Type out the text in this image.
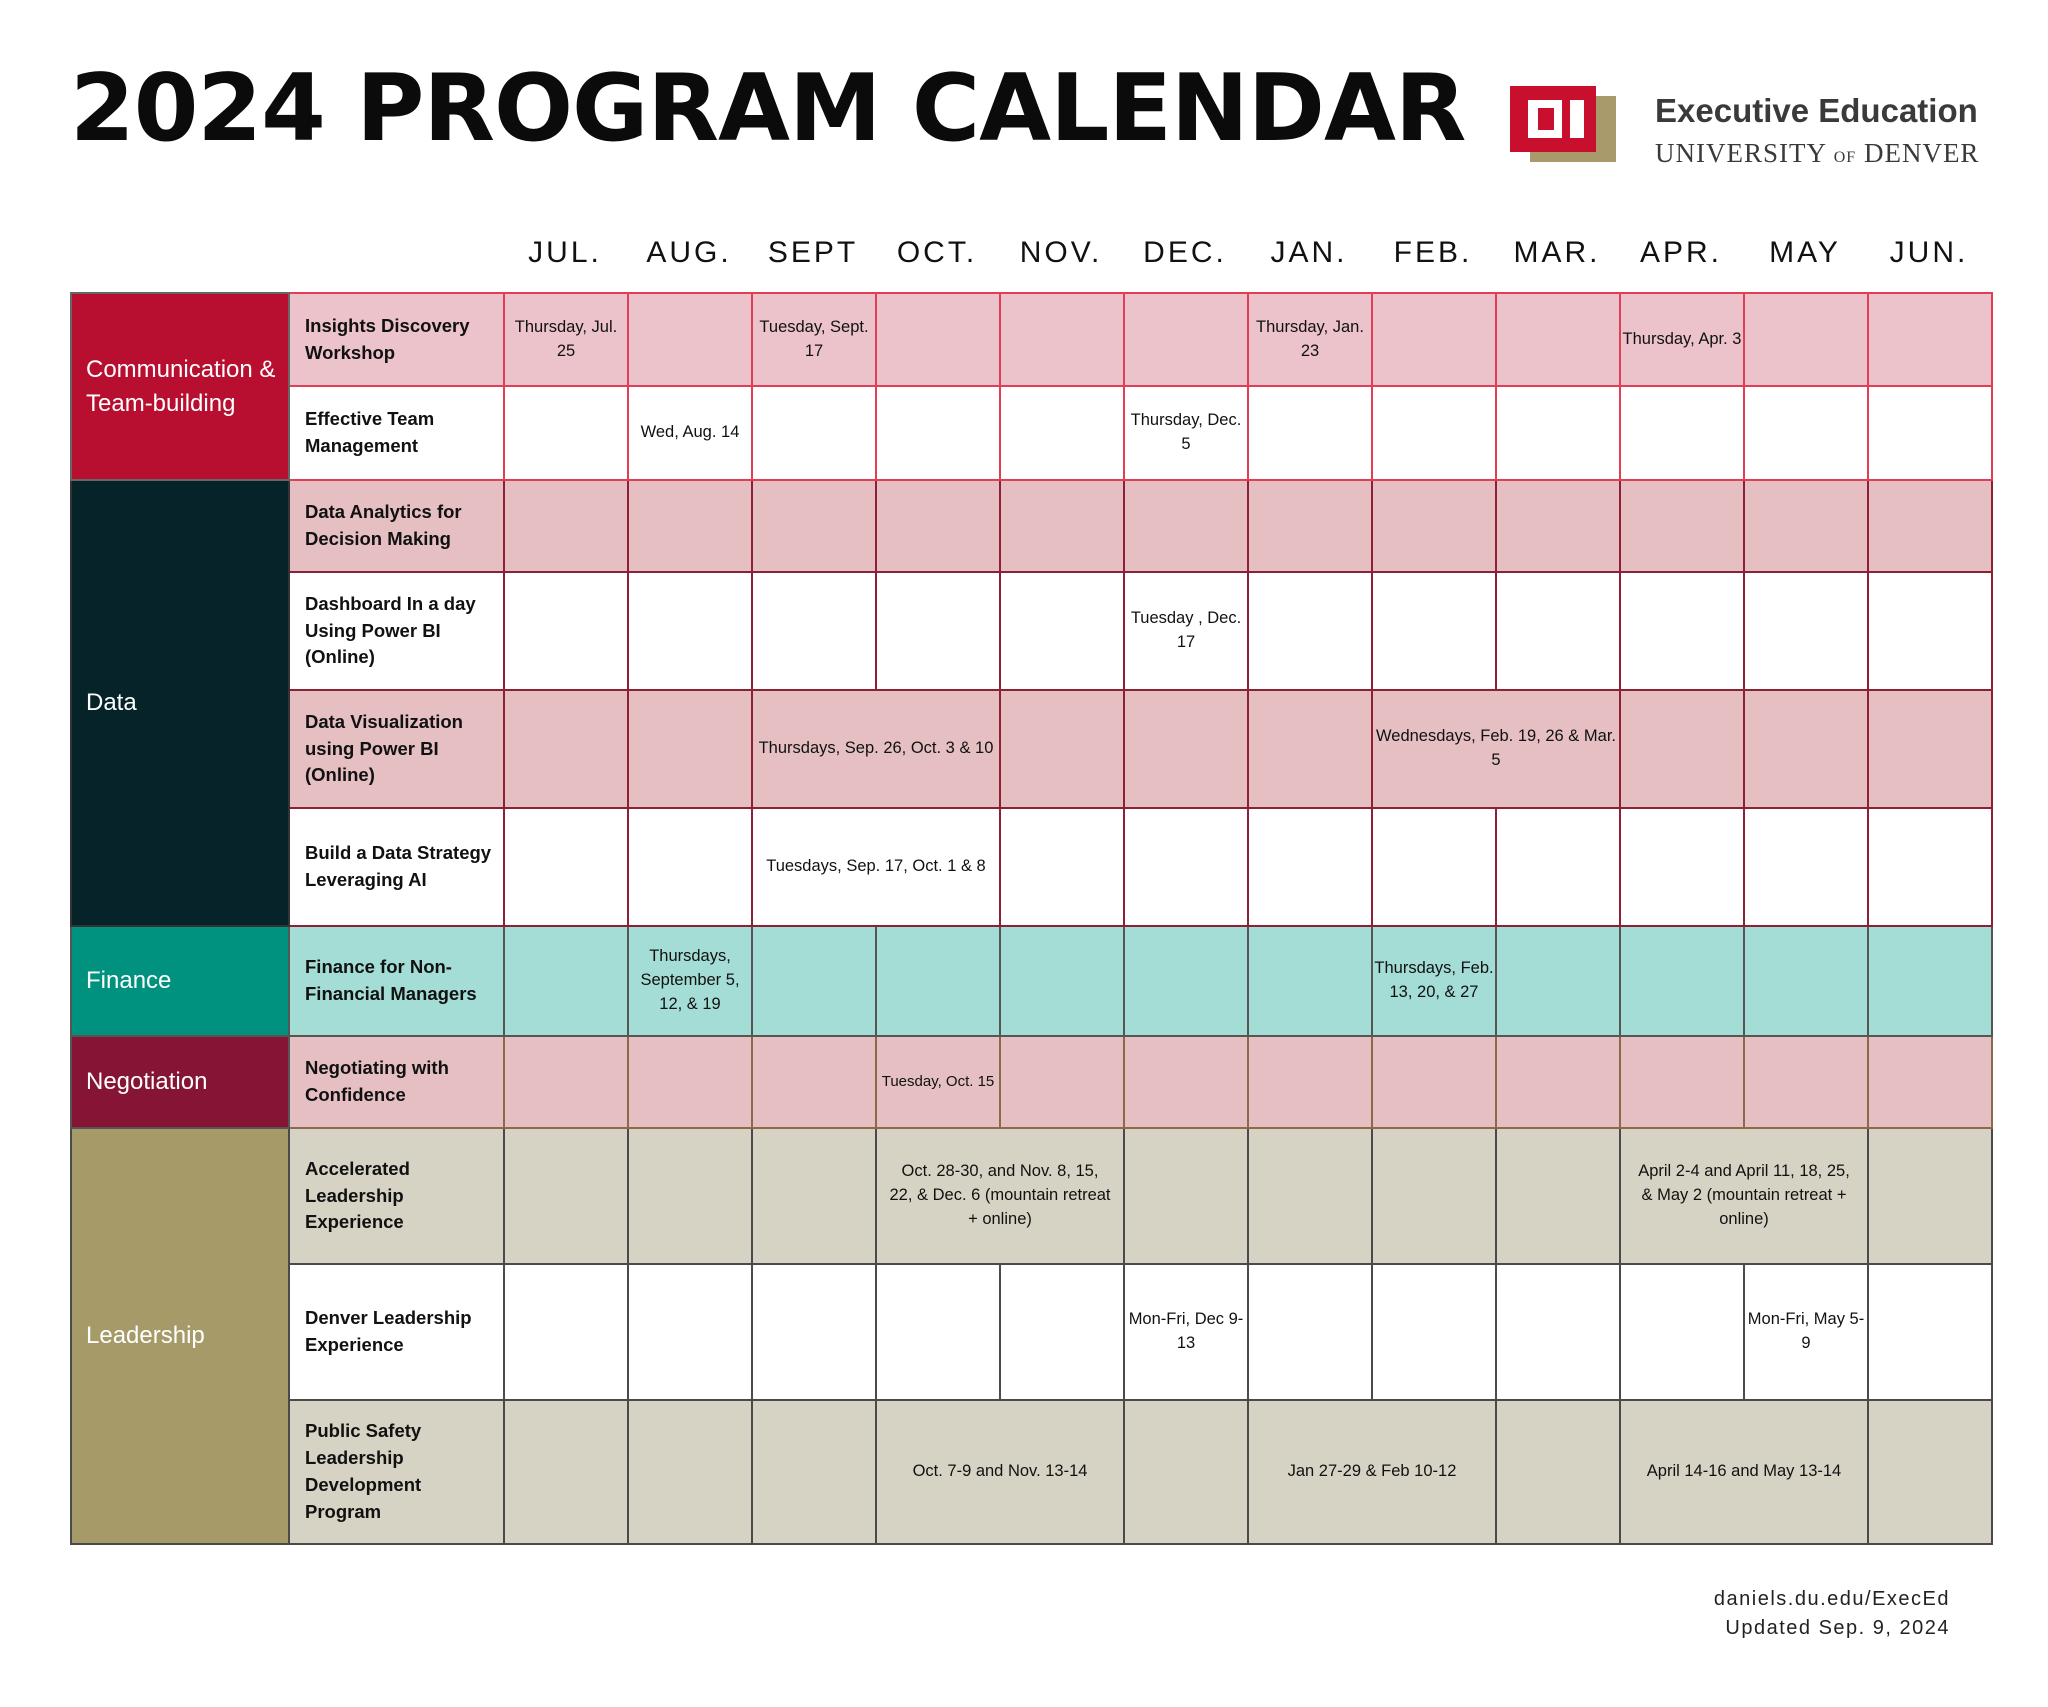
2024 PROGRAM CALENDAR	Executive Education
UNIVERSITY OF DENVER
JUL.	AUG.	SEPT	OCT.	NOV.	DEC.	JAN.	FEB.	MAR.	APR.	MAY	JUN.
Communication & Team-building	Insights Discovery Workshop	Thursday, Jul. 25		Tuesday, Sept. 17				Thursday, Jan. 23			Thursday, Apr. 3		
	Effective Team Management		Wed, Aug. 14				Thursday, Dec. 5						
Data	Data Analytics for Decision Making												
	Dashboard In a day Using Power BI (Online)						Tuesday , Dec. 17						
	Data Visualization using Power BI (Online)			Thursdays, Sep. 26, Oct. 3 & 10					Wednesdays, Feb. 19, 26 & Mar. 5				
	Build a Data Strategy Leveraging AI			Tuesdays, Sep. 17, Oct. 1 & 8									
Finance	Finance for Non-Financial Managers		Thursdays, September 5, 12, & 19						Thursdays, Feb. 13, 20, & 27				
Negotiation	Negotiating with Confidence				Tuesday, Oct. 15								
Leadership	Accelerated Leadership Experience				Oct. 28-30, and Nov. 8, 15, 22, & Dec. 6 (mountain retreat + online)						April 2-4 and April 11, 18, 25, & May 2 (mountain retreat + online)		
	Denver Leadership Experience						Mon-Fri, Dec 9-13					Mon-Fri, May 5-9	
	Public Safety Leadership Development Program				Oct. 7-9 and Nov. 13-14			Jan 27-29 & Feb 10-12			April 14-16 and May 13-14		
daniels.du.edu/ExecEd
Updated Sep. 9, 2024
